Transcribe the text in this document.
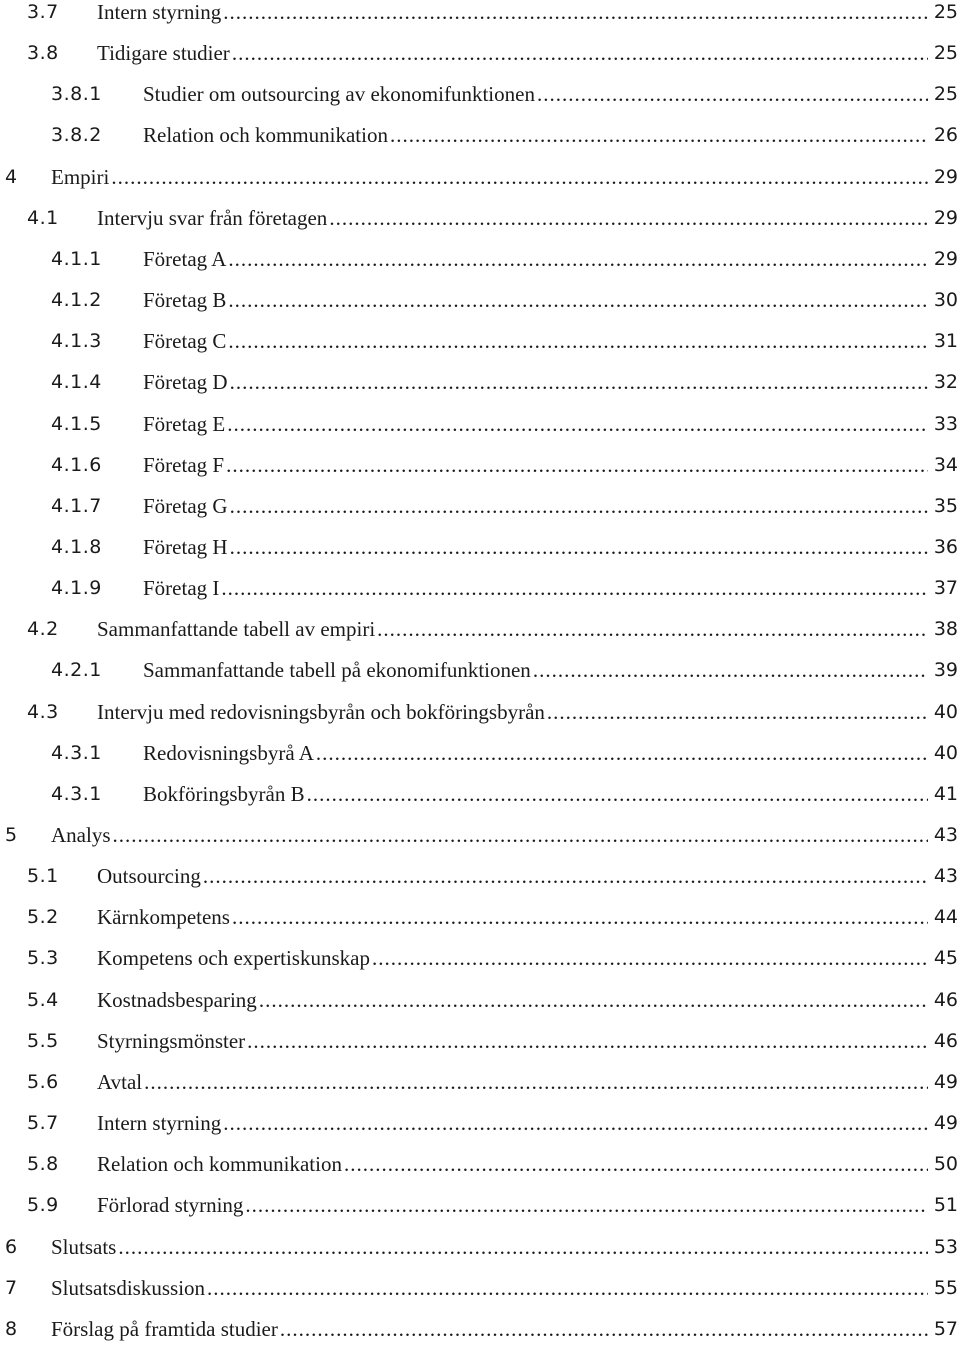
3.7 Intern styrning .....	25
3.8 Tidigare studier .....	25
3.8.1 Studier om outsourcing av ekonomifunktionen .....	25
3.8.2 Relation och kommunikation .....	26
4 Empiri .....	29
4.1 Intervju svar från företagen .....	29
4.1.1 Företag A .....	29
4.1.2 Företag B .....	30
4.1.3 Företag C .....	31
4.1.4 Företag D .....	32
4.1.5 Företag E .....	33
4.1.6 Företag F .....	34
4.1.7 Företag G .....	35
4.1.8 Företag H .....	36
4.1.9 Företag I .....	37
4.2 Sammanfattande tabell av empiri .....	38
4.2.1 Sammanfattande tabell på ekonomifunktionen .....	39
4.3 Intervju med redovisningsbyrån och bokföringsbyrån .....	40
4.3.1 Redovisningsbyrå A .....	40
4.3.1 Bokföringsbyrån B .....	41
5 Analys .....	43
5.1 Outsourcing .....	43
5.2 Kärnkompetens .....	44
5.3 Kompetens och expertiskunskap .....	45
5.4 Kostnadsbesparing .....	46
5.5 Styrningsmönster .....	46
5.6 Avtal .....	49
5.7 Intern styrning .....	49
5.8 Relation och kommunikation .....	50
5.9 Förlorad styrning .....	51
6 Slutsats .....	53
7 Slutsatsdiskussion .....	55
8 Förslag på framtida studier .....	57
